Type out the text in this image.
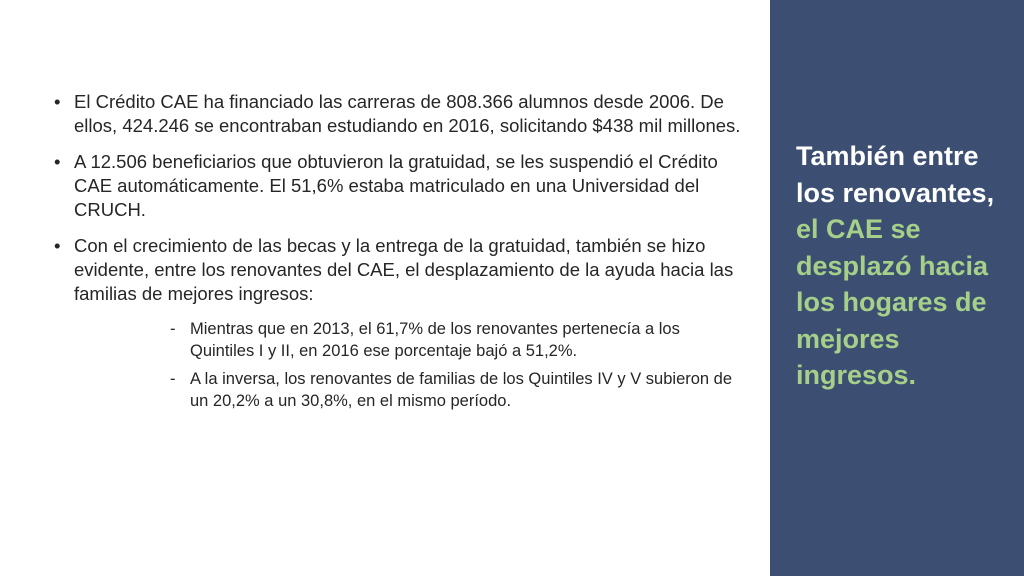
• El Crédito CAE ha financiado las carreras de 808.366 alumnos desde 2006. De ellos, 424.246 se encontraban estudiando en 2016, solicitando $438 mil millones.
• A 12.506 beneficiarios que obtuvieron la gratuidad, se les suspendió el Crédito CAE automáticamente. El 51,6% estaba matriculado en una Universidad del CRUCH.
• Con el crecimiento de las becas y la entrega de la gratuidad, también se hizo evidente, entre los renovantes del CAE, el desplazamiento de la ayuda hacia las familias de mejores ingresos:
- Mientras que en 2013, el 61,7% de los renovantes pertenecía a los Quintiles I y II, en 2016 ese porcentaje bajó a 51,2%.
- A la inversa, los renovantes de familias de los Quintiles IV y V subieron de un 20,2% a un 30,8%, en el mismo período.
También entre
los renovantes,
el CAE se
desplazó hacia
los hogares de
mejores
ingresos.
